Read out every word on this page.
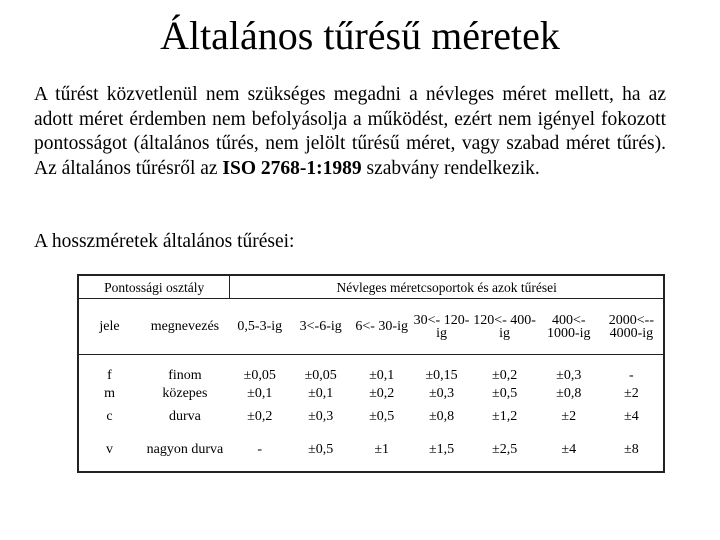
Általános tűrésű méretek

A tűrést közvetlenül nem szükséges megadni a névleges méret mellett, ha az adott méret érdemben nem befolyásolja a működést, ezért nem igényel fokozott pontosságot (általános tűrés, nem jelölt tűrésű méret, vagy szabad méret tűrés). Az általános tűrésről az ISO 2768-1:1989 szabvány rendelkezik.

A hosszméretek általános tűrései:

Pontossági osztály		Névleges méretcsoportok és azok tűrései						
jele	megnevezés	0,5-3-ig	3<-6-ig	6<- 30-ig	30<- 120-ig	120<- 400-ig	400<- 1000-ig	2000<-- 4000-ig
f	finom	±0,05	±0,05	±0,1	±0,15	±0,2	±0,3	-
m	közepes	±0,1	±0,1	±0,2	±0,3	±0,5	±0,8	±2
c	durva	±0,2	±0,3	±0,5	±0,8	±1,2	±2	±4
v	nagyon durva	-	±0,5	±1	±1,5	±2,5	±4	±8
